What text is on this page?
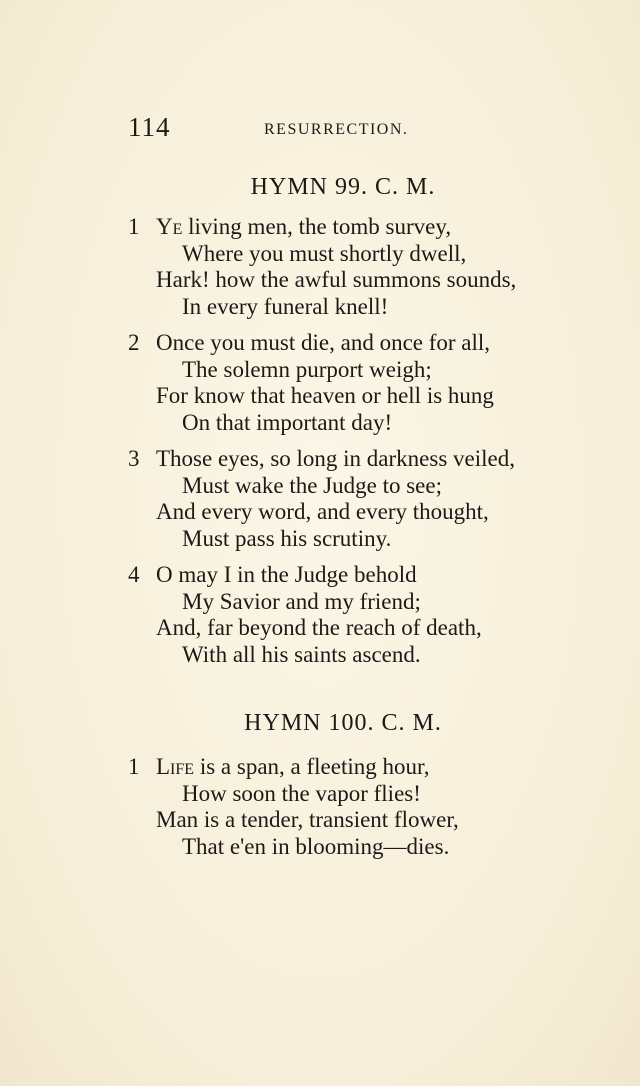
114	RESURRECTION.
HYMN 99. C. M.
1 Ye living men, the tomb survey,
Where you must shortly dwell,
Hark! how the awful summons sounds,
In every funeral knell!
2 Once you must die, and once for all,
The solemn purport weigh;
For know that heaven or hell is hung
On that important day!
3 Those eyes, so long in darkness veiled,
Must wake the Judge to see;
And every word, and every thought,
Must pass his scrutiny.
4 O may I in the Judge behold
My Savior and my friend;
And, far beyond the reach of death,
With all his saints ascend.
HYMN 100. C. M.
1 Life is a span, a fleeting hour,
How soon the vapor flies!
Man is a tender, transient flower,
That e'en in blooming—dies.
